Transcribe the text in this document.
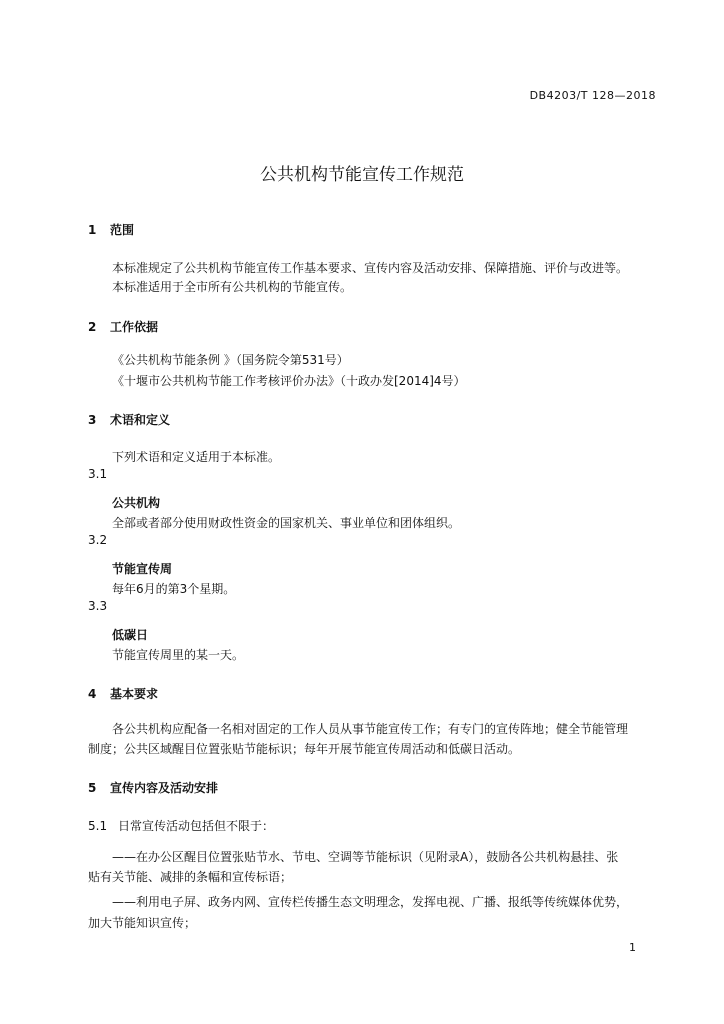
DB4203/T 128—2018
公共机构节能宣传工作规范
1 范围
本标准规定了公共机构节能宣传工作基本要求、宣传内容及活动安排、保障措施、评价与改进等。
本标准适用于全市所有公共机构的节能宣传。
2 工作依据
《公共机构节能条例 》（国务院令第531号）
《十堰市公共机构节能工作考核评价办法》（十政办发[2014]4号）
3 术语和定义
下列术语和定义适用于本标准。
3.1
公共机构
全部或者部分使用财政性资金的国家机关、事业单位和团体组织。
3.2
节能宣传周
每年6月的第3个星期。
3.3
低碳日
节能宣传周里的某一天。
4 基本要求
各公共机构应配备一名相对固定的工作人员从事节能宣传工作；有专门的宣传阵地；健全节能管理
制度；公共区域醒目位置张贴节能标识；每年开展节能宣传周活动和低碳日活动。
5 宣传内容及活动安排
5.1 日常宣传活动包括但不限于：
——在办公区醒目位置张贴节水、节电、空调等节能标识（见附录A），鼓励各公共机构悬挂、张
贴有关节能、减排的条幅和宣传标语；
——利用电子屏、政务内网、宣传栏传播生态文明理念，发挥电视、广播、报纸等传统媒体优势，
加大节能知识宣传；
1
